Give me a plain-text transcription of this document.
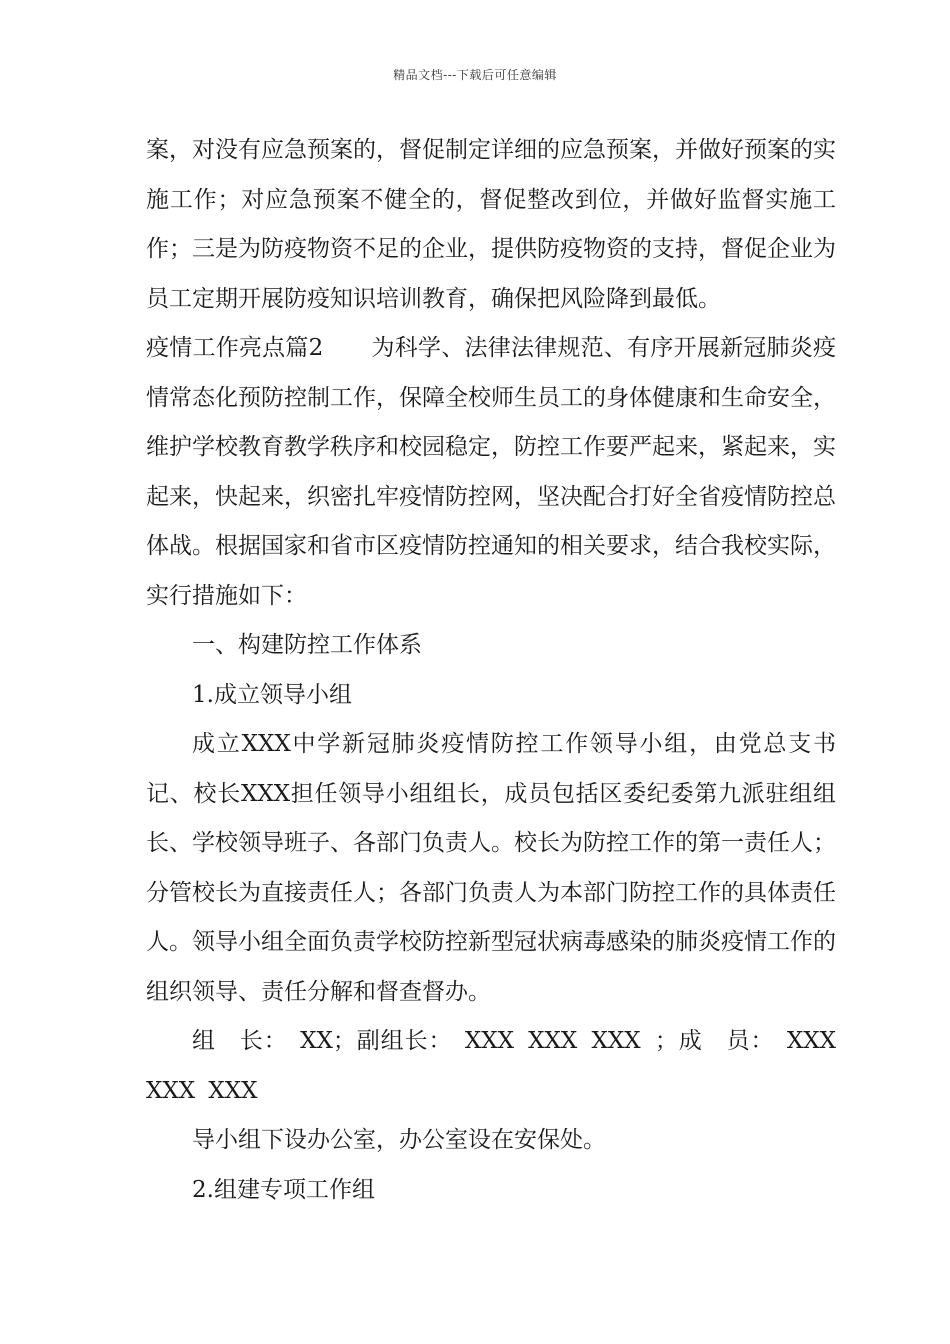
精品文档---下载后可任意编辑

案，对没有应急预案的，督促制定详细的应急预案，并做好预案的实施工作；对应急预案不健全的，督促整改到位，并做好监督实施工作；三是为防疫物资不足的企业，提供防疫物资的支持，督促企业为员工定期开展防疫知识培训教育，确保把风险降到最低。

疫情工作亮点篇2 为科学、法律法律规范、有序开展新冠肺炎疫情常态化预防控制工作，保障全校师生员工的身体健康和生命安全，维护学校教育教学秩序和校园稳定，防控工作要严起来，紧起来，实起来，快起来，织密扎牢疫情防控网，坚决配合打好全省疫情防控总体战。根据国家和省市区疫情防控通知的相关要求，结合我校实际，实行措施如下：

一、构建防控工作体系

1.成立领导小组

成立XXX中学新冠肺炎疫情防控工作领导小组，由党总支书记、校长XXX担任领导小组组长，成员包括区委纪委第九派驻组组长、学校领导班子、各部门负责人。校长为防控工作的第一责任人；分管校长为直接责任人；各部门负责人为本部门防控工作的具体责任人。领导小组全面负责学校防控新型冠状病毒感染的肺炎疫情工作的组织领导、责任分解和督查督办。

组　长：　XX；副组长：　XXX XXX XXX ；成　员：　XXX XXX XXX

导小组下设办公室，办公室设在安保处。

2.组建专项工作组
